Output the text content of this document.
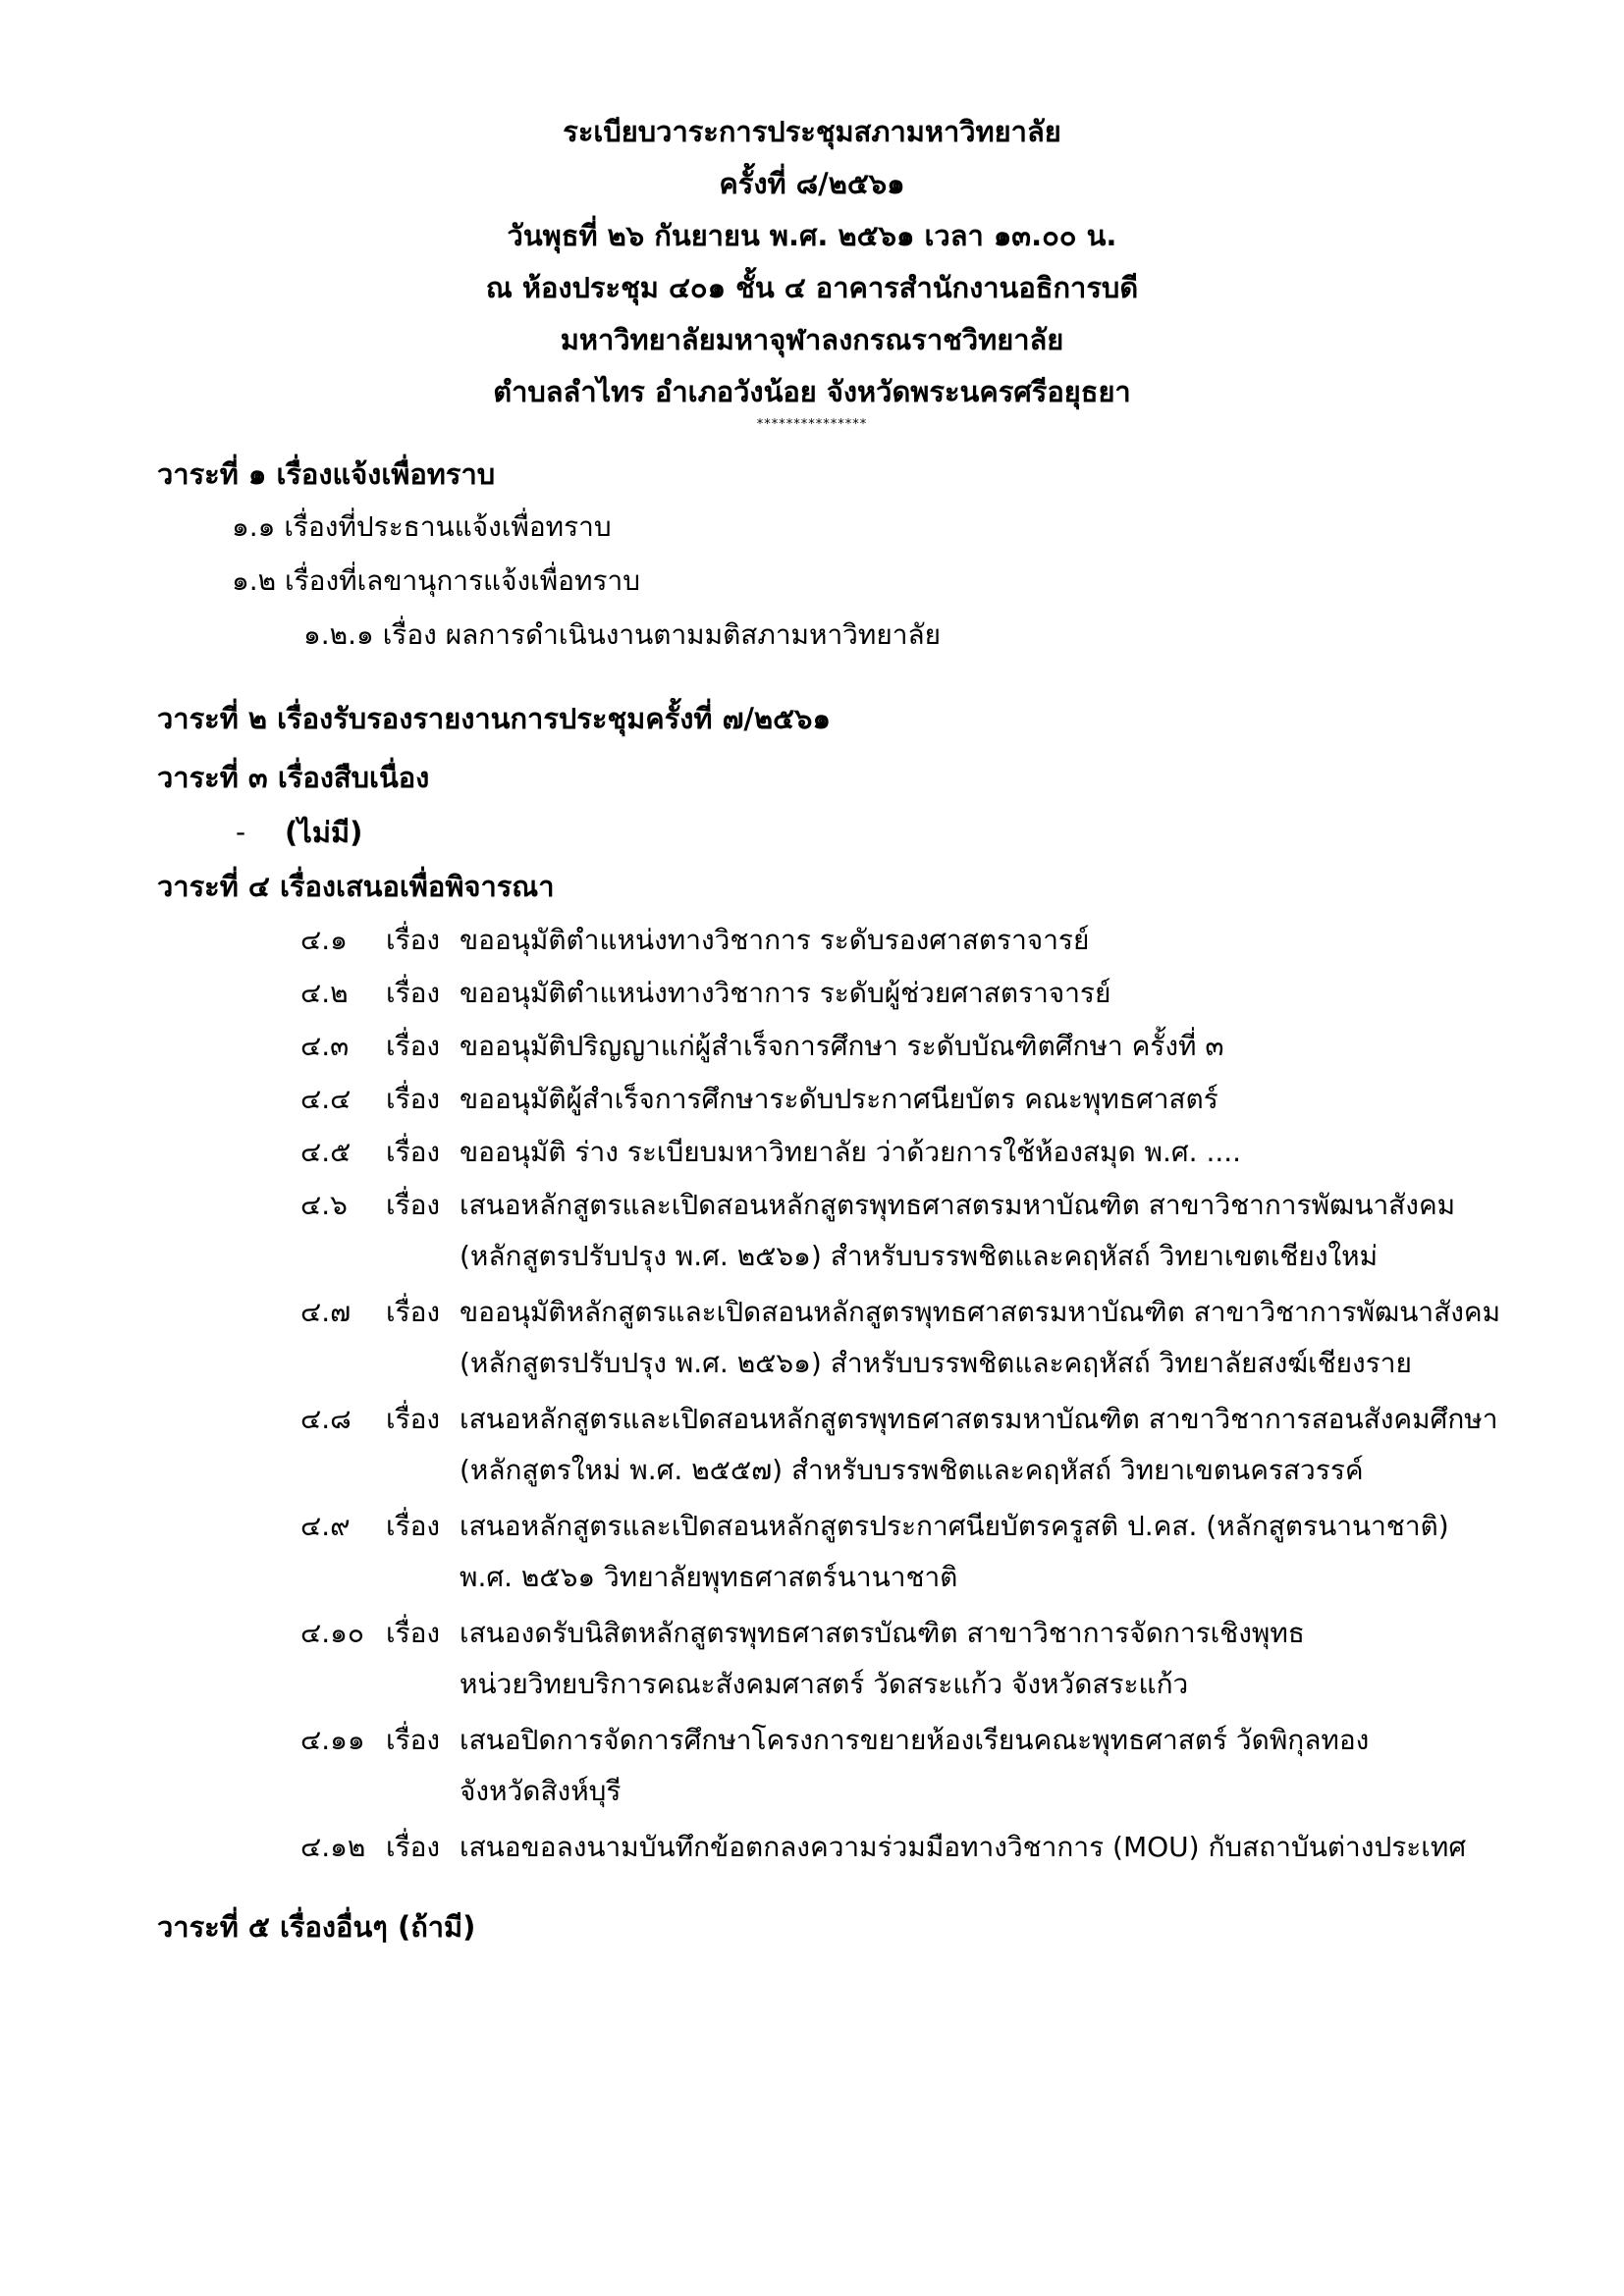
ระเบียบวาระการประชุมสภามหาวิทยาลัย
ครั้งที่ ๘/๒๕๖๑
วันพุธที่ ๒๖ กันยายน พ.ศ. ๒๕๖๑ เวลา ๑๓.๐๐ น.
ณ ห้องประชุม ๔๐๑ ชั้น ๔ อาคารสำนักงานอธิการบดี
มหาวิทยาลัยมหาจุฬาลงกรณราชวิทยาลัย
ตำบลลำไทร อำเภอวังน้อย จังหวัดพระนครศรีอยุธยา
***************
วาระที่ ๑ เรื่องแจ้งเพื่อทราบ
๑.๑ เรื่องที่ประธานแจ้งเพื่อทราบ
๑.๒ เรื่องที่เลขานุการแจ้งเพื่อทราบ
๑.๒.๑ เรื่อง ผลการดำเนินงานตามมติสภามหาวิทยาลัย
วาระที่ ๒ เรื่องรับรองรายงานการประชุมครั้งที่ ๗/๒๕๖๑
วาระที่ ๓ เรื่องสืบเนื่อง
- (ไม่มี)
วาระที่ ๔ เรื่องเสนอเพื่อพิจารณา
๔.๑ เรื่อง ขออนุมัติตำแหน่งทางวิชาการ ระดับรองศาสตราจารย์
๔.๒ เรื่อง ขออนุมัติตำแหน่งทางวิชาการ ระดับผู้ช่วยศาสตราจารย์
๔.๓ เรื่อง ขออนุมัติปริญญาแก่ผู้สำเร็จการศึกษา ระดับบัณฑิตศึกษา ครั้งที่ ๓
๔.๔ เรื่อง ขออนุมัติผู้สำเร็จการศึกษาระดับประกาศนียบัตร คณะพุทธศาสตร์
๔.๕ เรื่อง ขออนุมัติ ร่าง ระเบียบมหาวิทยาลัย ว่าด้วยการใช้ห้องสมุด พ.ศ. ....
๔.๖ เรื่อง เสนอหลักสูตรและเปิดสอนหลักสูตรพุทธศาสตรมหาบัณฑิต สาขาวิชาการพัฒนาสังคม
(หลักสูตรปรับปรุง พ.ศ. ๒๕๖๑) สำหรับบรรพชิตและคฤหัสถ์ วิทยาเขตเชียงใหม่
๔.๗ เรื่อง ขออนุมัติหลักสูตรและเปิดสอนหลักสูตรพุทธศาสตรมหาบัณฑิต สาขาวิชาการพัฒนาสังคม
(หลักสูตรปรับปรุง พ.ศ. ๒๕๖๑) สำหรับบรรพชิตและคฤหัสถ์ วิทยาลัยสงฆ์เชียงราย
๔.๘ เรื่อง เสนอหลักสูตรและเปิดสอนหลักสูตรพุทธศาสตรมหาบัณฑิต สาขาวิชาการสอนสังคมศึกษา
(หลักสูตรใหม่ พ.ศ. ๒๕๕๗) สำหรับบรรพชิตและคฤหัสถ์ วิทยาเขตนครสวรรค์
๔.๙ เรื่อง เสนอหลักสูตรและเปิดสอนหลักสูตรประกาศนียบัตรครูสติ ป.คส. (หลักสูตรนานาชาติ)
พ.ศ. ๒๕๖๑ วิทยาลัยพุทธศาสตร์นานาชาติ
๔.๑๐ เรื่อง เสนองดรับนิสิตหลักสูตรพุทธศาสตรบัณฑิต สาขาวิชาการจัดการเชิงพุทธ
หน่วยวิทยบริการคณะสังคมศาสตร์ วัดสระแก้ว จังหวัดสระแก้ว
๔.๑๑ เรื่อง เสนอปิดการจัดการศึกษาโครงการขยายห้องเรียนคณะพุทธศาสตร์ วัดพิกุลทอง
จังหวัดสิงห์บุรี
๔.๑๒ เรื่อง เสนอขอลงนามบันทึกข้อตกลงความร่วมมือทางวิชาการ (MOU) กับสถาบันต่างประเทศ
วาระที่ ๕ เรื่องอื่นๆ (ถ้ามี)
